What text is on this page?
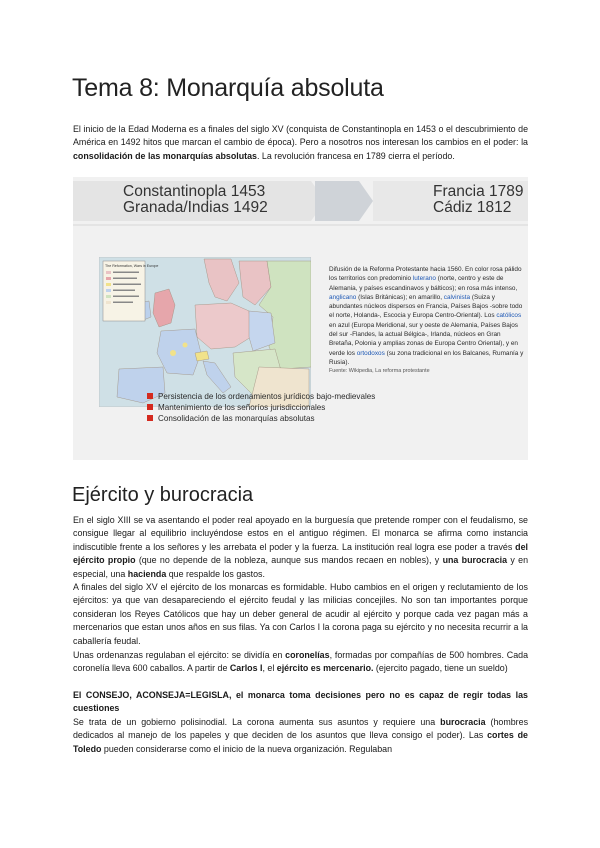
Tema 8: Monarquía absoluta

El inicio de la Edad Moderna es a finales del siglo XV (conquista de Constantinopla en 1453 o el descubrimiento de América en 1492 hitos que marcan el cambio de época). Pero a nosotros nos interesan los cambios en el poder: la consolidación de las monarquías absolutas. La revolución francesa en 1789 cierra el período.

Constantinopla 1453
Granada/Indias 1492
Francia 1789
Cádiz 1812
The Reformation, Wars in Europe	Difusión de la Reforma Protestante hacia 1560. En color rosa pálido los territorios con predominio luterano (norte, centro y este de Alemania, y países escandinavos y bálticos); en rosa más intenso, anglicano (Islas Británicas); en amarillo, calvinista (Suiza y abundantes núcleos dispersos en Francia, Países Bajos -sobre todo el norte, Holanda-, Escocia y Europa Centro-Oriental). Los católicos en azul (Europa Meridional, sur y oeste de Alemania, Países Bajos del sur -Flandes, la actual Bélgica-, Irlanda, núcleos en Gran Bretaña, Polonia y amplias zonas de Europa Centro Oriental), y en verde los ortodoxos (su zona tradicional en los Balcanes, Rumanía y Rusia).
Fuente: Wikipedia, La reforma protestante
Persistencia de los ordenamientos jurídicos bajo-medievales
Mantenimiento de los señoríos jurisdiccionales
Consolidación de las monarquías absolutas
Ejército y burocracia

En el siglo XIII se va asentando el poder real apoyado en la burguesía que pretende romper con el feudalismo, se consigue llegar al equilibrio incluyéndose estos en el antiguo régimen. El monarca se afirma como instancia indiscutible frente a los señores y les arrebata el poder y la fuerza. La institución real logra ese poder a través del ejército propio (que no depende de la nobleza, aunque sus mandos recaen en nobles), y una burocracia y en especial, una hacienda que respalde los gastos.

A finales del siglo XV el ejército de los monarcas es formidable. Hubo cambios en el origen y reclutamiento de los ejércitos: ya que van desapareciendo el ejército feudal y las milicias concejiles. No son tan importantes porque consideran los Reyes Católicos que hay un deber general de acudir al ejército y porque cada vez pagan más a mercenarios que estan unos años en sus filas. Ya con Carlos I la corona paga su ejército y no necesita recurrir a la caballería feudal.

Unas ordenanzas regulaban el ejército: se dividía en coronelías, formadas por compañías de 500 hombres. Cada coronelía lleva 600 caballos. A partir de Carlos I, el ejército es mercenario. (ejercito pagado, tiene un sueldo)

El CONSEJO, ACONSEJA=LEGISLA, el monarca toma decisiones pero no es capaz de regir todas las cuestiones

Se trata de un gobierno polisinodial. La corona aumenta sus asuntos y requiere una burocracia (hombres dedicados al manejo de los papeles y que deciden de los asuntos que lleva consigo el poder). Las cortes de Toledo pueden considerarse como el inicio de la nueva organización. Regulaban
